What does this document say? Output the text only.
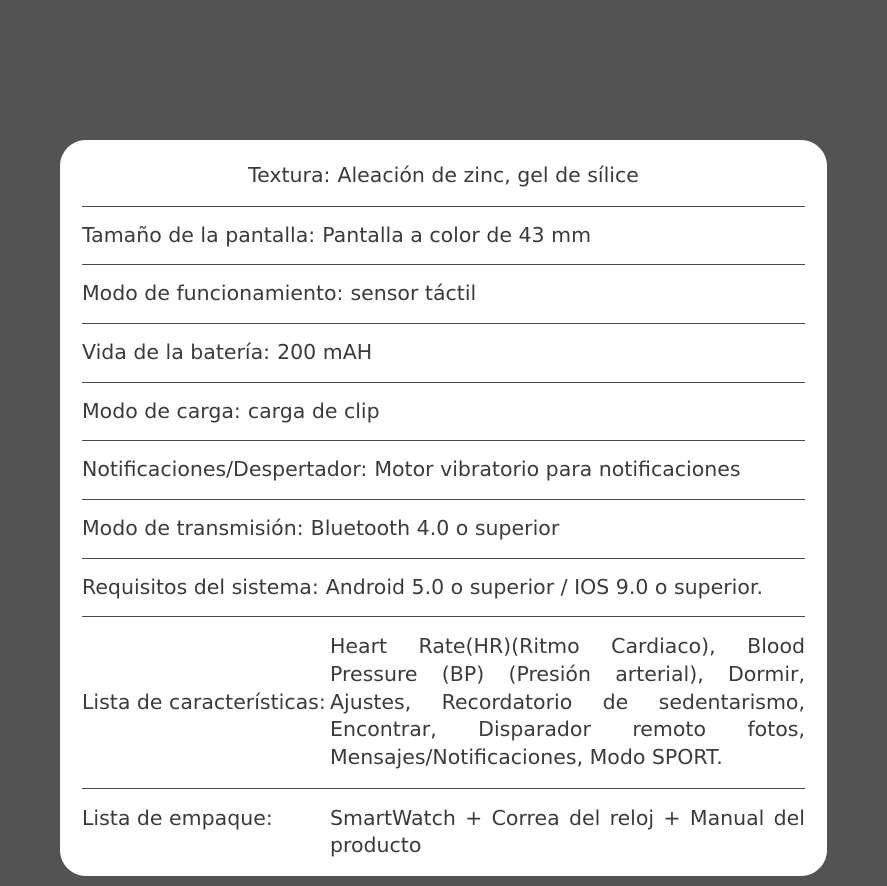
Textura: Aleación de zinc, gel de sílice
Tamaño de la pantalla: Pantalla a color de 43 mm
Modo de funcionamiento: sensor táctil
Vida de la batería: 200 mAH
Modo de carga: carga de clip
Notificaciones/Despertador: Motor vibratorio para notificaciones
Modo de transmisión: Bluetooth 4.0 o superior
Requisitos del sistema: Android 5.0 o superior / IOS 9.0 o superior.
Lista de características:
Heart Rate(HR)(Ritmo Cardiaco), Blood Pressure (BP) (Presión arterial), Dormir, Ajustes, Recordatorio de sedentarismo, Encontrar, Disparador remoto fotos, Mensajes/Notificaciones, Modo SPORT.
Lista de empaque:	SmartWatch + Correa del reloj + Manual del producto
